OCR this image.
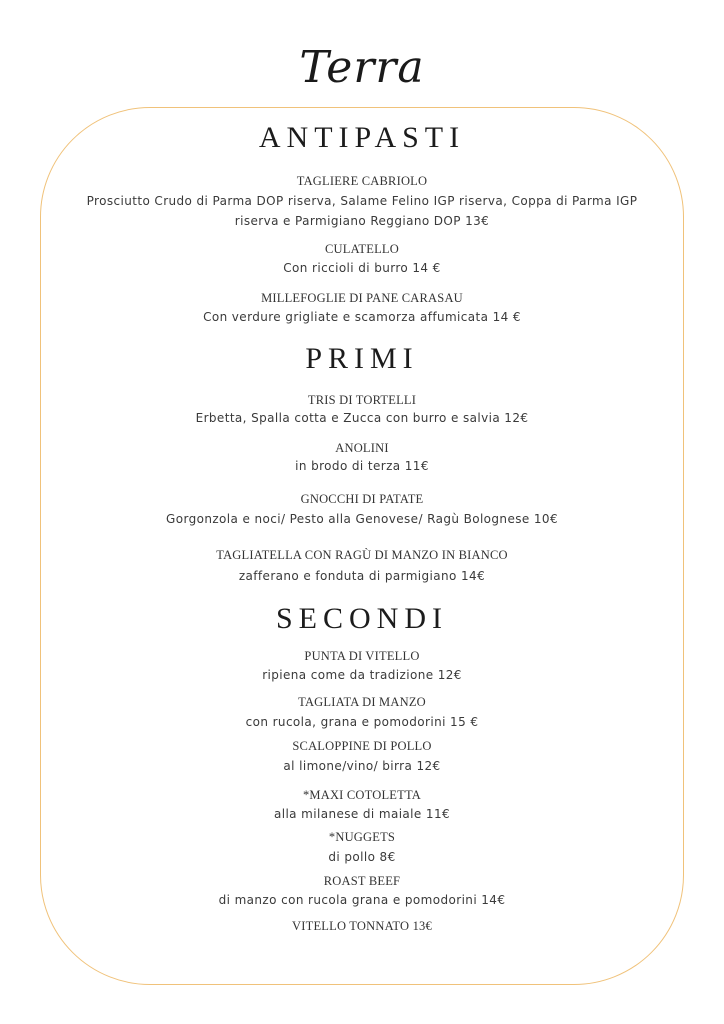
Terra
ANTIPASTI
TAGLIERE CABRIOLO
Prosciutto Crudo di Parma DOP riserva, Salame Felino IGP riserva, Coppa di Parma IGP riserva e Parmigiano Reggiano DOP 13€
CULATELLO
Con riccioli di burro 14 €
MILLEFOGLIE DI PANE CARASAU
Con verdure grigliate e scamorza affumicata 14 €
PRIMI
TRIS DI TORTELLI
Erbetta, Spalla cotta e Zucca con burro e salvia 12€
ANOLINI
in brodo di terza 11€
GNOCCHI DI PATATE
Gorgonzola e noci/ Pesto alla Genovese/ Ragù Bolognese 10€
TAGLIATELLA CON RAGÙ DI MANZO IN BIANCO
zafferano e fonduta di parmigiano 14€
SECONDI
PUNTA DI VITELLO
ripiena come da tradizione 12€
TAGLIATA DI MANZO
con rucola, grana e pomodorini 15 €
SCALOPPINE DI POLLO
al limone/vino/ birra 12€
*MAXI COTOLETTA
alla milanese di maiale 11€
*NUGGETS
di pollo 8€
ROAST BEEF
di manzo con rucola grana e pomodorini 14€
VITELLO TONNATO 13€
